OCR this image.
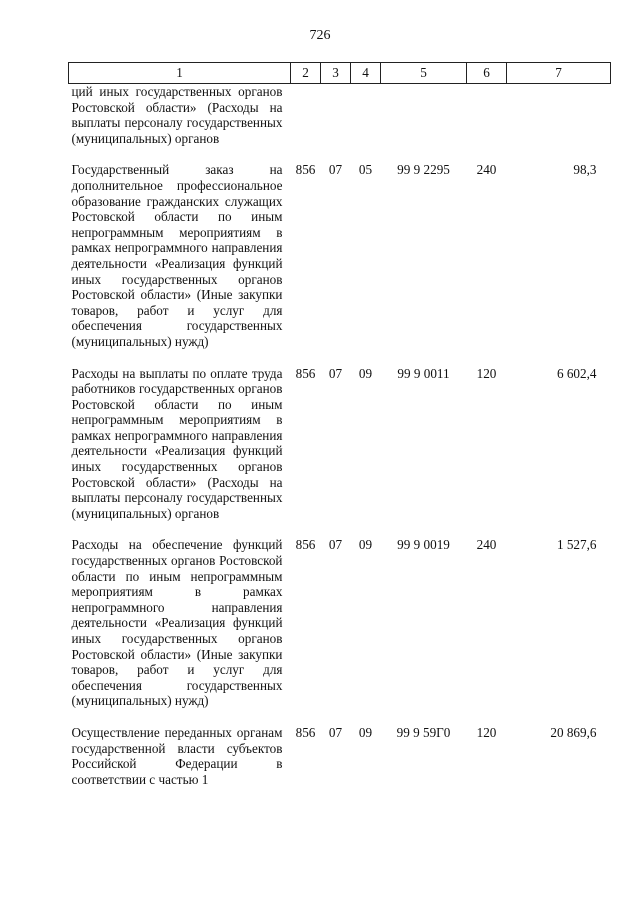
726
1	2	3	4	5	6	7
ций иных государственных органов Ростовской области» (Расходы на выплаты персоналу государственных (муниципальных) органов						
Государственный заказ на дополнительное профессиональное образование гражданских служащих Ростовской области по иным непрограммным мероприятиям в рамках непрограммного направления деятельности «Реализация функций иных государственных органов Ростовской области» (Иные закупки товаров, работ и услуг для обеспечения государственных (муниципальных) нужд)	856	07	05	99 9 2295	240	98,3
Расходы на выплаты по оплате труда работников государственных органов Ростовской области по иным непрограммным мероприятиям в рамках непрограммного направления деятельности «Реализация функций иных государственных органов Ростовской области» (Расходы на выплаты персоналу государственных (муниципальных) органов	856	07	09	99 9 0011	120	6 602,4
Расходы на обеспечение функций государственных органов Ростовской области по иным непрограммным мероприятиям в рамках непрограммного направления деятельности «Реализация функций иных государственных органов Ростовской области» (Иные закупки товаров, работ и услуг для обеспечения государственных (муниципальных) нужд)	856	07	09	99 9 0019	240	1 527,6
Осуществление переданных органам государственной власти субъектов Российской Федерации в соответствии с частью 1	856	07	09	99 9 59Г0	120	20 869,6
